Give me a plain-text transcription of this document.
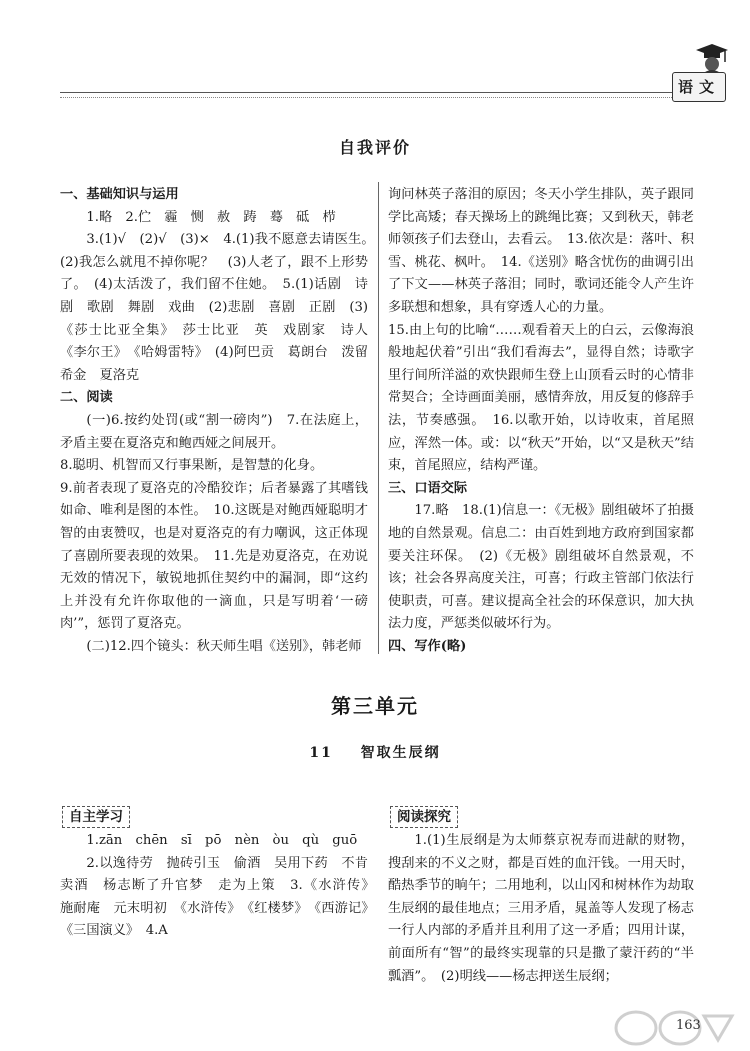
语文
自我评价

一、基础知识与运用

1.略　2.伫　霾　恻　赦　踌　蓦　砥　栉

3.(1)√　(2)√　(3)×　4.(1)我不愿意去请医生。　(2)我怎么就甩不掉你呢？　(3)人老了，跟不上形势了。　(4)太活泼了，我们留不住她。　5.(1)话剧　诗剧　歌剧　舞剧　戏曲　(2)悲剧　喜剧　正剧　(3)《莎士比亚全集》　莎士比亚　英　戏剧家　诗人　《李尔王》　《哈姆雷特》　(4)阿巴贡　葛朗台　泼留希金　夏洛克

二、阅读

(一)6.按约处罚(或“割一磅肉”)　7.在法庭上，矛盾主要在夏洛克和鲍西娅之间展开。

8.聪明、机智而又行事果断，是智慧的化身。

9.前者表现了夏洛克的冷酷狡诈；后者暴露了其嗜钱如命、唯利是图的本性。　10.这既是对鲍西娅聪明才智的由衷赞叹，也是对夏洛克的有力嘲讽，这正体现了喜剧所要表现的效果。　11.先是劝夏洛克，在劝说无效的情况下，敏锐地抓住契约中的漏洞，即“这约上并没有允许你取他的一滴血，只是写明着‘一磅肉’”，惩罚了夏洛克。

(二)12.四个镜头：秋天师生唱《送别》，韩老师

询问林英子落泪的原因；冬天小学生排队，英子跟同学比高矮；春天操场上的跳绳比赛；又到秋天，韩老师领孩子们去登山，去看云。　13.依次是：落叶、积雪、桃花、枫叶。　14.《送别》略含忧伤的曲调引出了下文——林英子落泪；同时，歌词还能令人产生许多联想和想象，具有穿透人心的力量。

15.由上句的比喻“……观看着天上的白云，云像海浪般地起伏着”引出“我们看海去”，显得自然；诗歌字里行间所洋溢的欢快跟师生登上山顶看云时的心情非常契合；全诗画面美丽，感情奔放，用反复的修辞手法，节奏感强。　16.以歌开始，以诗收束，首尾照应，浑然一体。或：以“秋天”开始，以“又是秋天”结束，首尾照应，结构严谨。

三、口语交际

17.略　18.(1)信息一：《无极》剧组破坏了拍摄地的自然景观。信息二：由百姓到地方政府到国家都要关注环保。　(2)《无极》剧组破坏自然景观，不该；社会各界高度关注，可喜；行政主管部门依法行使职责，可喜。建议提高全社会的环保意识，加大执法力度，严惩类似破坏行为。

四、写作(略)

第三单元
11 智取生辰纲
自主学习	阅读探究

1.zān　chēn　sī　pō　nèn　òu　qù　guō

2.以逸待劳　抛砖引玉　偷酒　吴用下药　不肯卖酒　杨志断了升官梦　走为上策　3.《水浒传》　施耐庵　元末明初　《水浒传》　《红楼梦》　《西游记》　《三国演义》　4.A

1.(1)生辰纲是为太师蔡京祝寿而进献的财物，搜刮来的不义之财，都是百姓的血汗钱。一用天时，酷热季节的晌午；二用地利，以山冈和树林作为劫取生辰纲的最佳地点；三用矛盾，晁盖等人发现了杨志一行人内部的矛盾并且利用了这一矛盾；四用计谋，前面所有“智”的最终实现靠的只是撒了蒙汗药的“半瓢酒”。　(2)明线——杨志押送生辰纲；

163
